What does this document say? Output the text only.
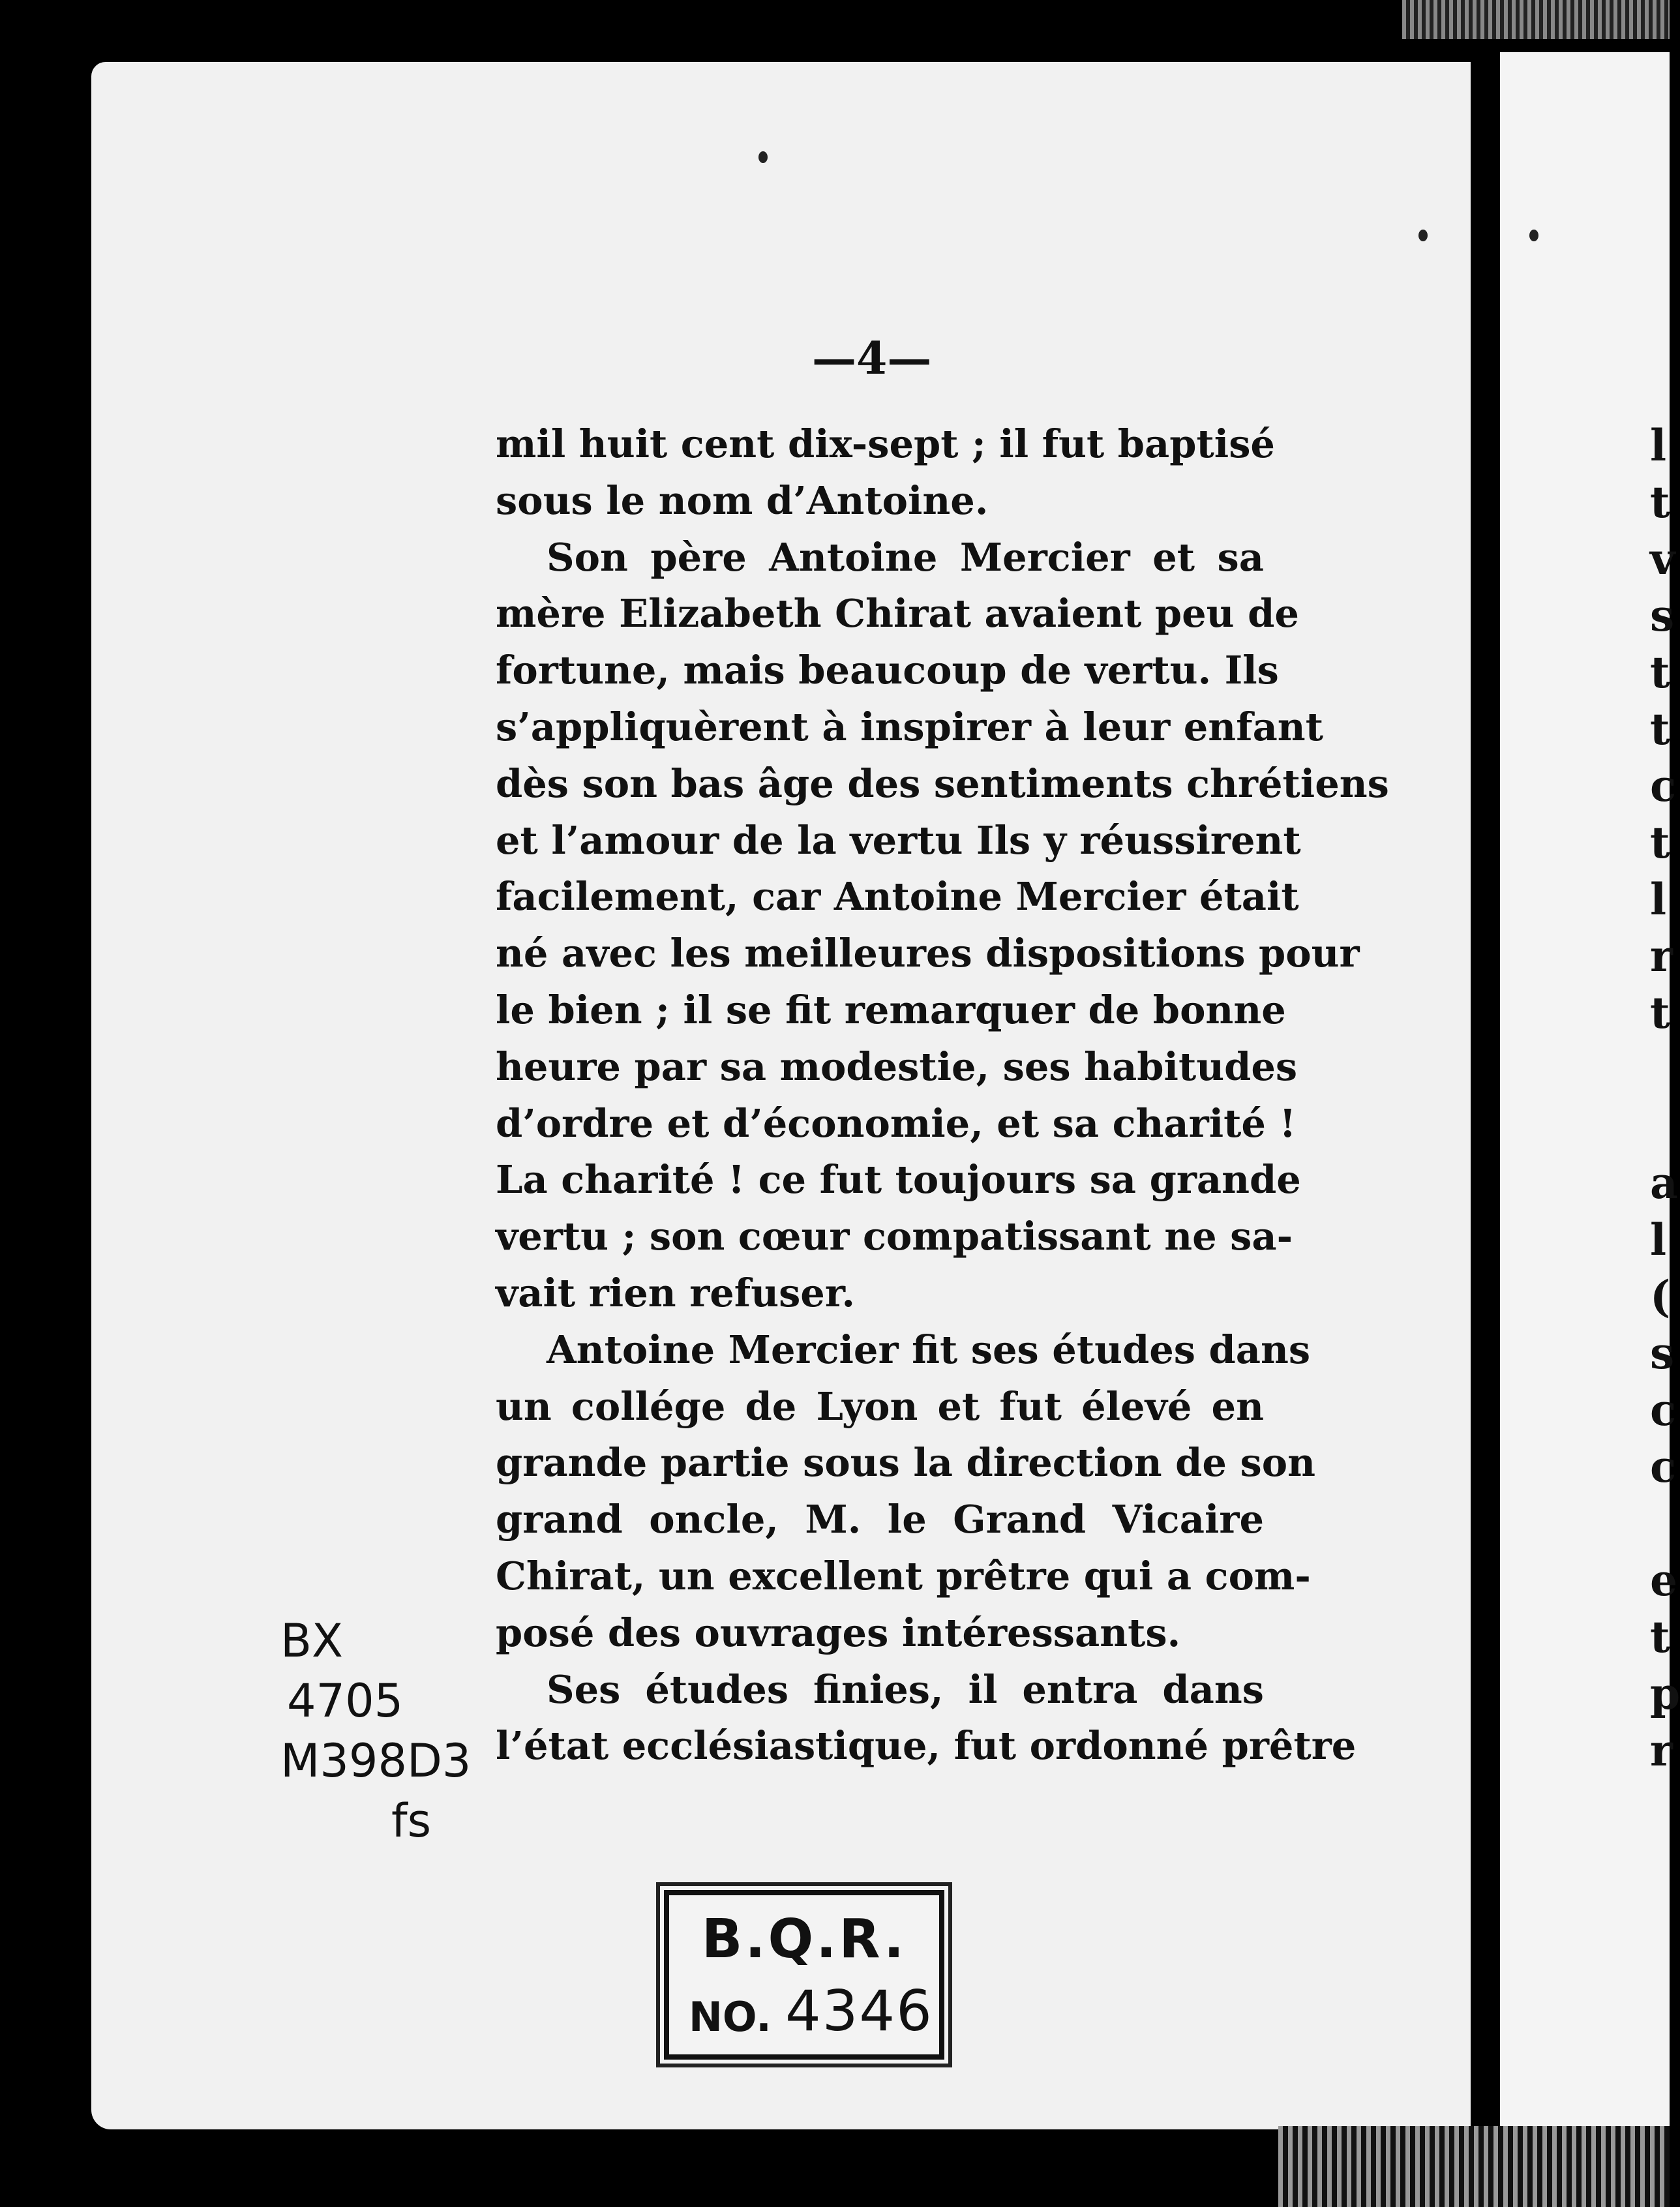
l
t
v
s
t
t
c
t
l
r
t
a
l
(
s
c
c
e
t
p
r
—4—
mil huit cent dix-sept ; il fut baptisé
sous le nom d’Antoine.
Son père Antoine Mercier et sa
mère Elizabeth Chirat avaient peu de
fortune, mais beaucoup de vertu. Ils
s’appliquèrent à inspirer à leur enfant
dès son bas âge des sentiments chrétiens
et l’amour de la vertu Ils y réussirent
facilement, car Antoine Mercier était
né avec les meilleures dispositions pour
le bien ; il se fit remarquer de bonne
heure par sa modestie, ses habitudes
d’ordre et d’économie, et sa charité !
La charité ! ce fut toujours sa grande
vertu ; son cœur compatissant ne sa-
vait rien refuser.
Antoine Mercier fit ses études dans
un collége de Lyon et fut élevé en
grande partie sous la direction de son
grand oncle, M. le Grand Vicaire
Chirat, un excellent prêtre qui a com-
posé des ouvrages intéressants.
Ses études finies, il entra dans
l’état ecclésiastique, fut ordonné prêtre
BX
4705
M398D3
fs
B.Q.R.
NO. 4346
